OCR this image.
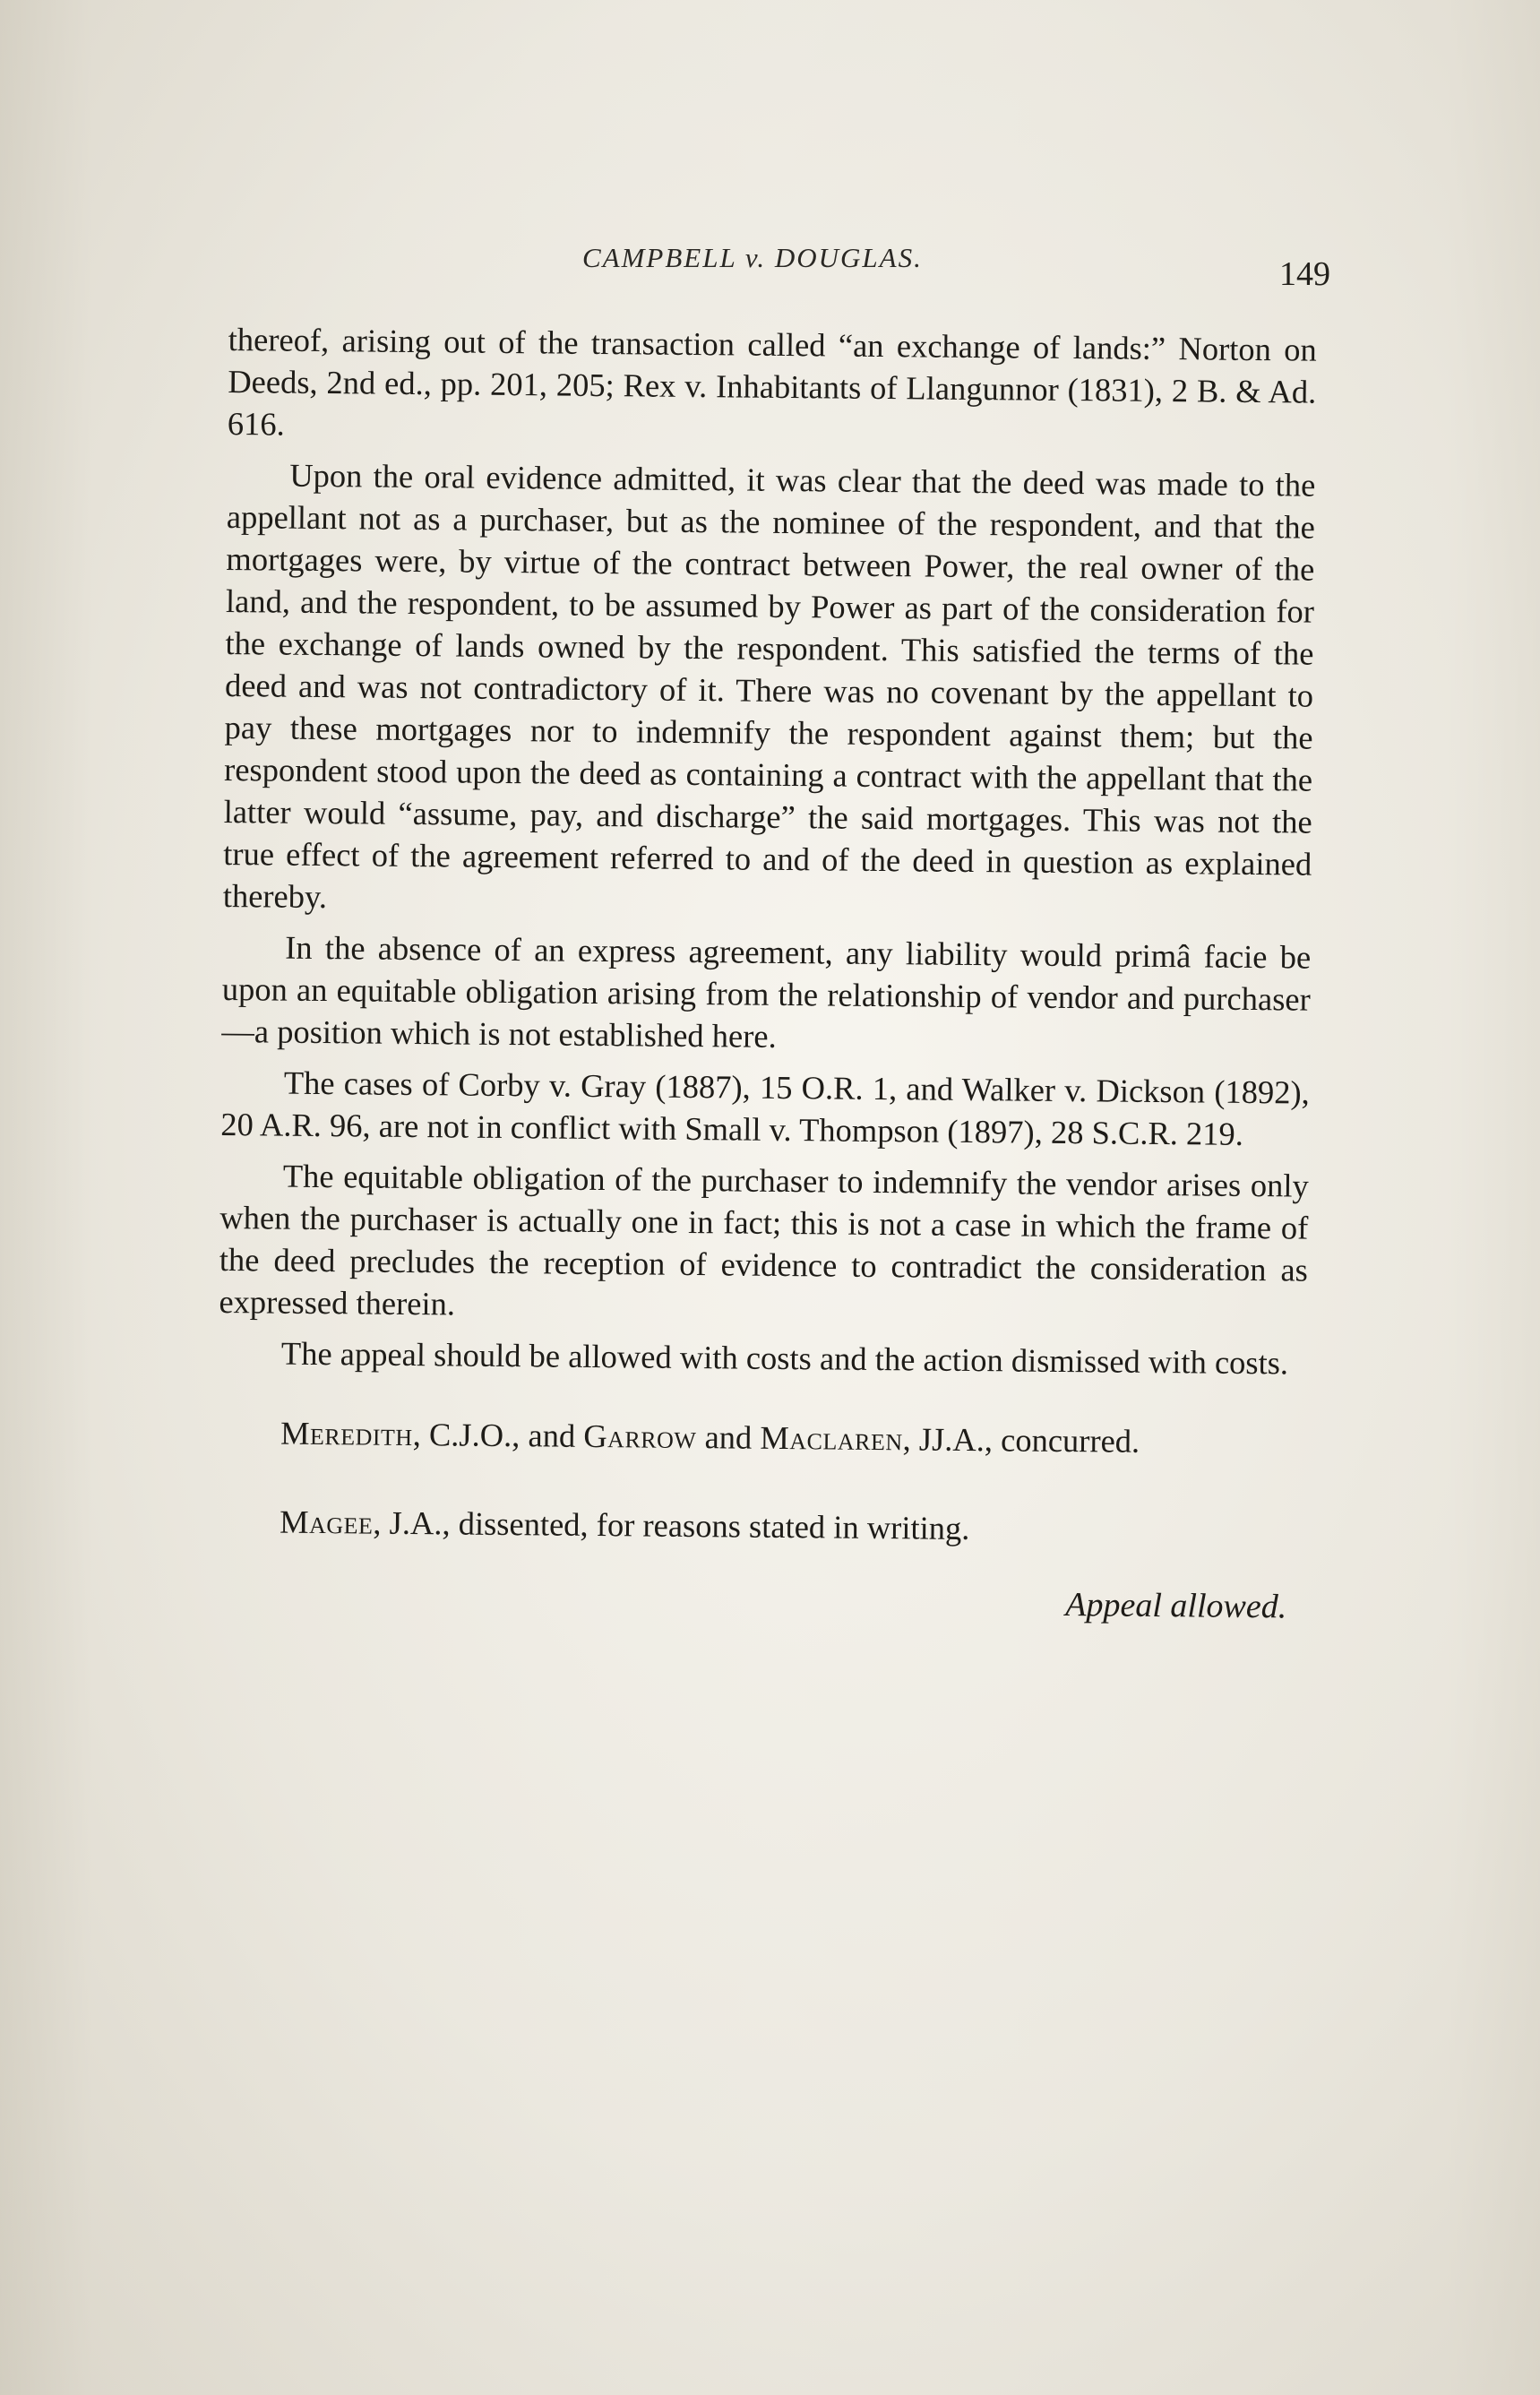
CAMPBELL v. DOUGLAS.	149

thereof, arising out of the transaction called “an exchange of lands:” Norton on Deeds, 2nd ed., pp. 201, 205; Rex v. Inhabitants of Llangunnor (1831), 2 B. & Ad. 616.

Upon the oral evidence admitted, it was clear that the deed was made to the appellant not as a purchaser, but as the nominee of the respondent, and that the mortgages were, by virtue of the contract between Power, the real owner of the land, and the respondent, to be assumed by Power as part of the consideration for the exchange of lands owned by the respondent. This satisfied the terms of the deed and was not contradictory of it. There was no covenant by the appellant to pay these mortgages nor to indemnify the respondent against them; but the respondent stood upon the deed as containing a contract with the appellant that the latter would “assume, pay, and discharge” the said mortgages. This was not the true effect of the agreement referred to and of the deed in question as explained thereby.

In the absence of an express agreement, any liability would primâ facie be upon an equitable obligation arising from the relationship of vendor and purchaser—a position which is not established here.

The cases of Corby v. Gray (1887), 15 O.R. 1, and Walker v. Dickson (1892), 20 A.R. 96, are not in conflict with Small v. Thompson (1897), 28 S.C.R. 219.

The equitable obligation of the purchaser to indemnify the vendor arises only when the purchaser is actually one in fact; this is not a case in which the frame of the deed precludes the reception of evidence to contradict the consideration as expressed therein.

The appeal should be allowed with costs and the action dismissed with costs.

Meredith, C.J.O., and Garrow and Maclaren, JJ.A., concurred.

Magee, J.A., dissented, for reasons stated in writing.

Appeal allowed.
